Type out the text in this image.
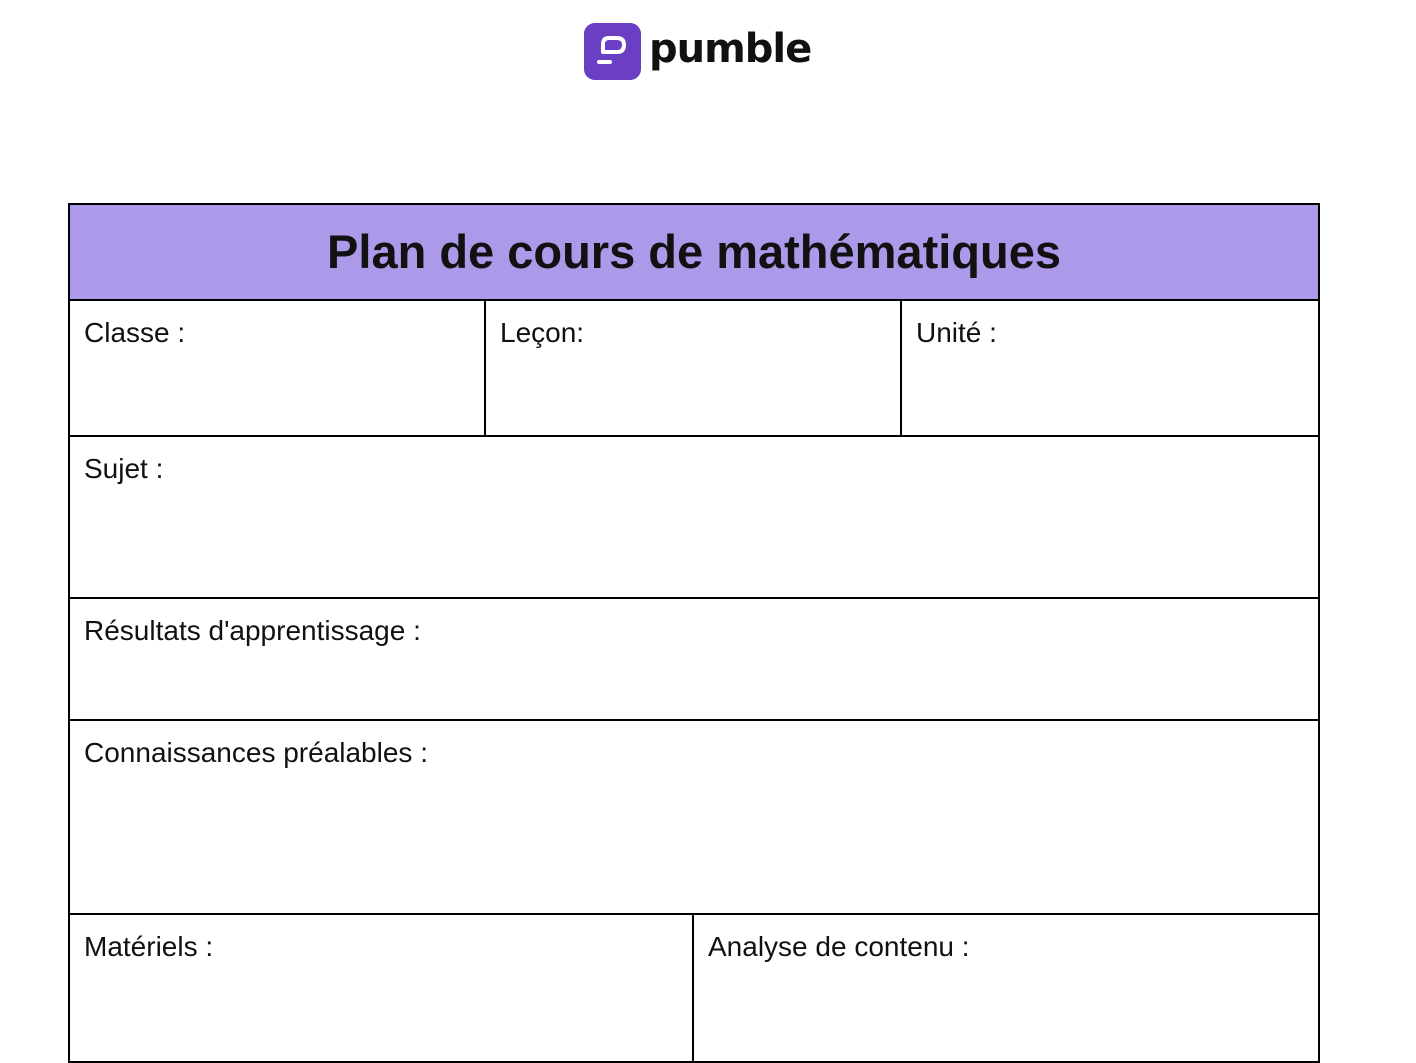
pumble
Plan de cours de mathématiques			
Classe :	Leçon:		Unité :
Sujet :			
Résultats d'apprentissage :			
Connaissances préalables :			
Matériels :		Analyse de contenu :	
